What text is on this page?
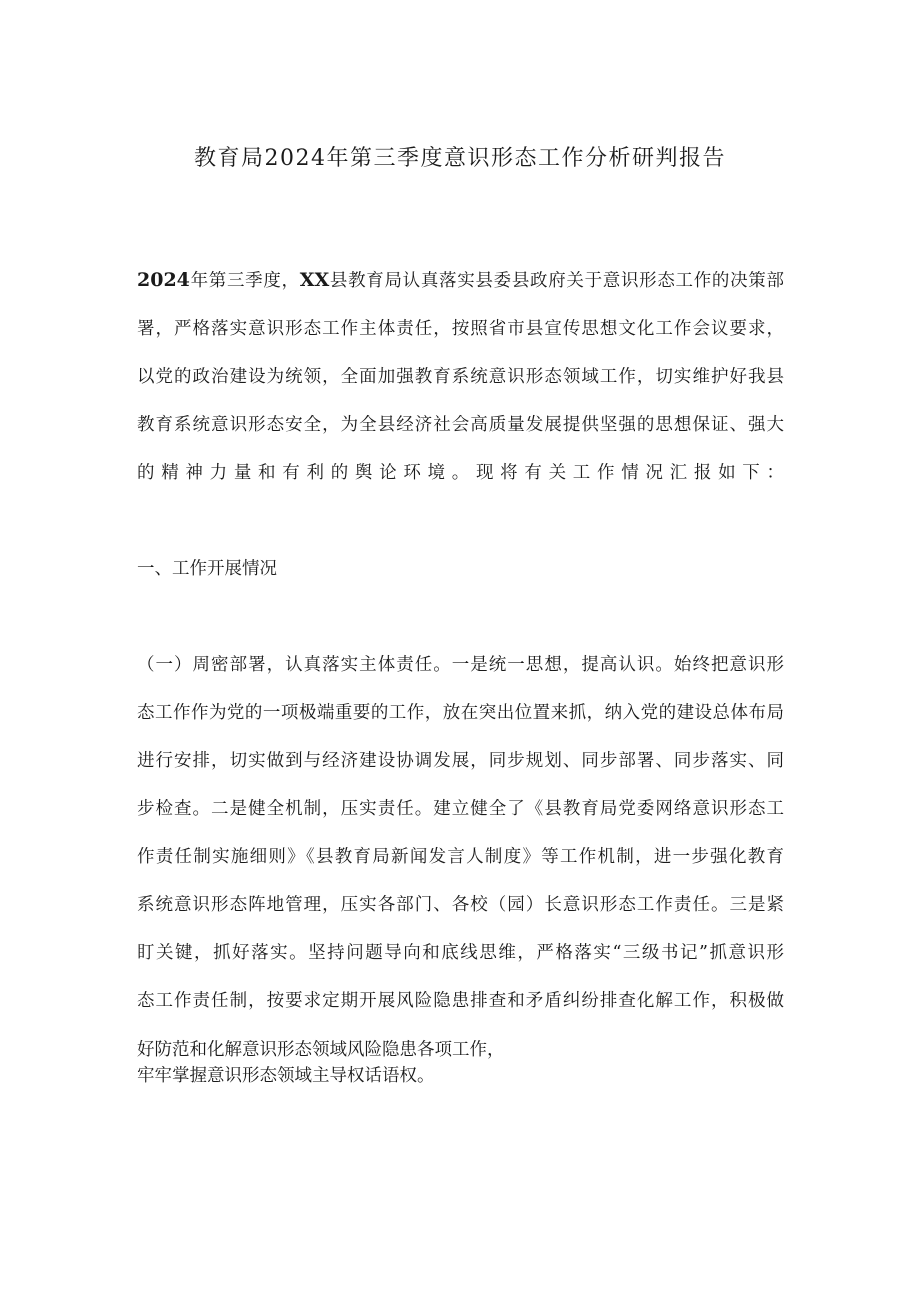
教育局2024年第三季度意识形态工作分析研判报告
2024年第三季度，XX县教育局认真落实县委县政府关于意识形态工作的决策部
署，严格落实意识形态工作主体责任，按照省市县宣传思想文化工作会议要求，
以党的政治建设为统领，全面加强教育系统意识形态领域工作，切实维护好我县
教育系统意识形态安全，为全县经济社会高质量发展提供坚强的思想保证、强大
的精神力量和有利的舆论环境。现将有关工作情况汇报如下：
一、工作开展情况
（一）周密部署，认真落实主体责任。一是统一思想，提高认识。始终把意识形
态工作作为党的一项极端重要的工作，放在突出位置来抓，纳入党的建设总体布局
进行安排，切实做到与经济建设协调发展，同步规划、同步部署、同步落实、同
步检查。二是健全机制，压实责任。建立健全了《县教育局党委网络意识形态工
作责任制实施细则》《县教育局新闻发言人制度》等工作机制，进一步强化教育
系统意识形态阵地管理，压实各部门、各校（园）长意识形态工作责任。三是紧
盯关键，抓好落实。坚持问题导向和底线思维，严格落实“三级书记”抓意识形
态工作责任制，按要求定期开展风险隐患排查和矛盾纠纷排查化解工作，积极做
好防范和化解意识形态领域风险隐患各项工作，
牢牢掌握意识形态领域主导权话语权。
